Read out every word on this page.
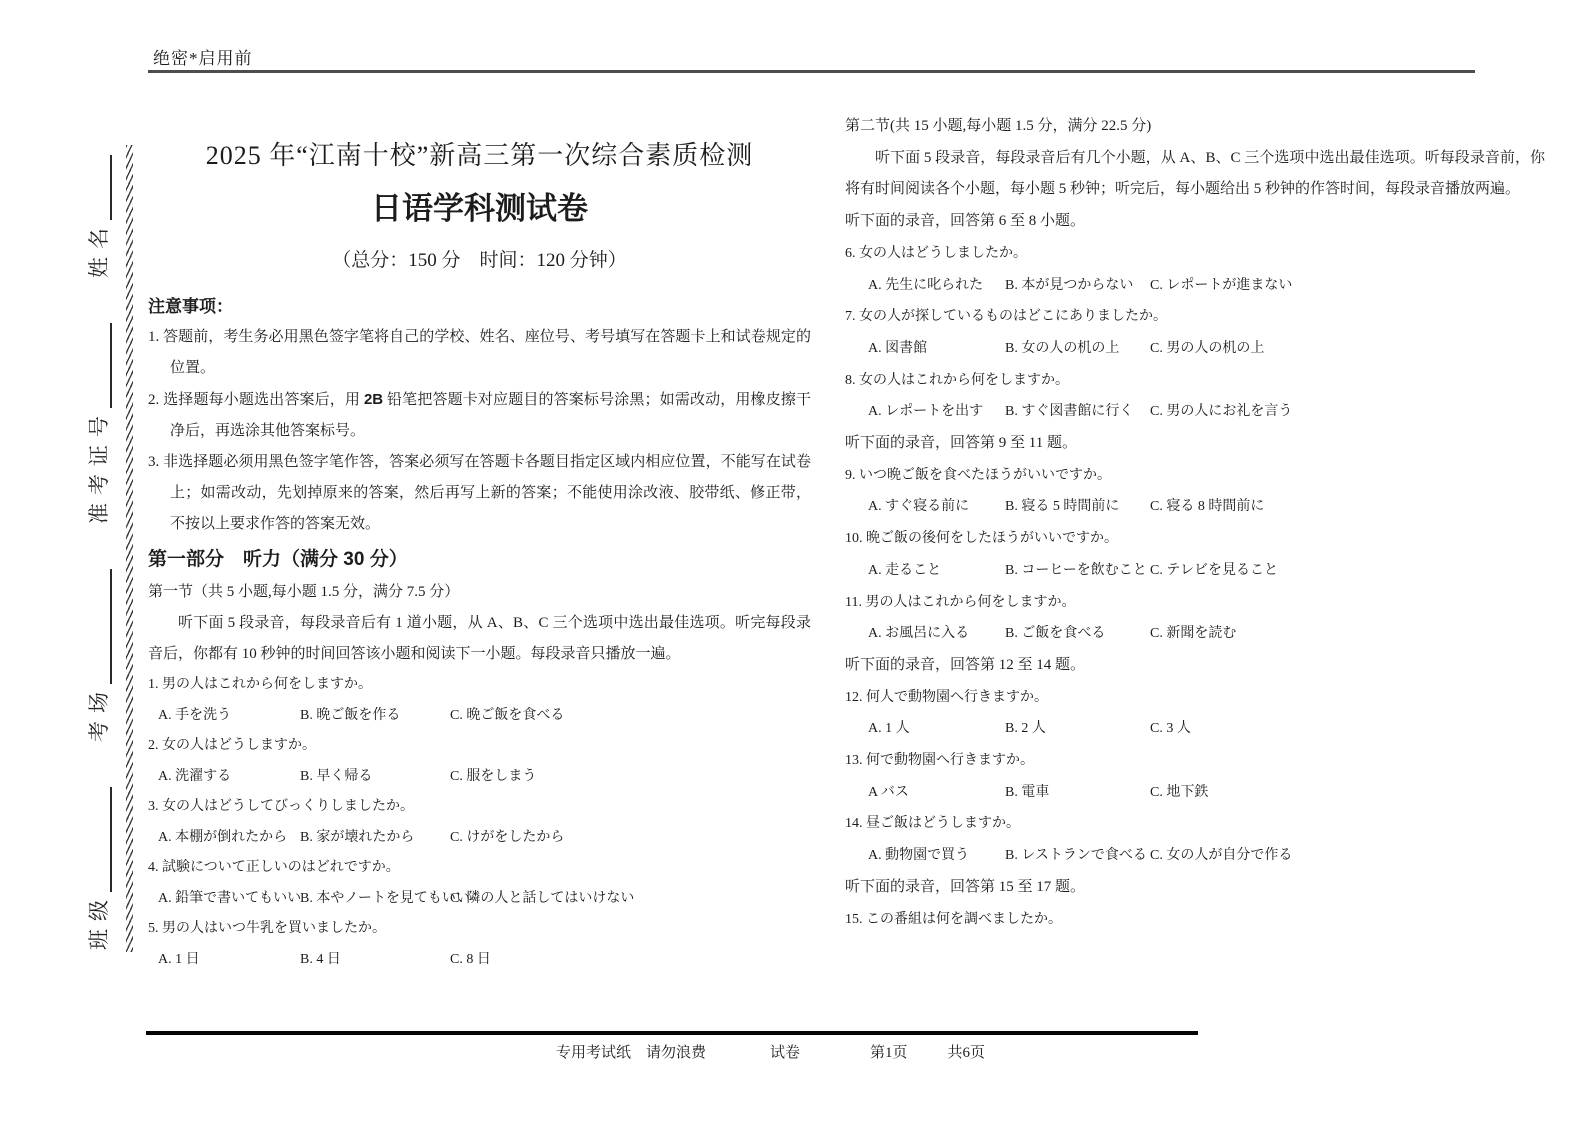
绝密*启用前
班级
考场
准考证号
姓名
2025 年“江南十校”新高三第一次综合素质检测
日语学科测试卷
（总分：150 分　时间：120 分钟）
注意事项：
1. 答题前，考生务必用黑色签字笔将自己的学校、姓名、座位号、考号填写在答题卡上和试卷规定的位置。
2. 选择题每小题选出答案后，用 2B 铅笔把答题卡对应题目的答案标号涂黑；如需改动，用橡皮擦干净后，再选涂其他答案标号。
3. 非选择题必须用黑色签字笔作答，答案必须写在答题卡各题目指定区域内相应位置，不能写在试卷上；如需改动，先划掉原来的答案，然后再写上新的答案；不能使用涂改液、胶带纸、修正带，不按以上要求作答的答案无效。
第一部分　听力（满分 30 分）
第一节（共 5 小题,每小题 1.5 分，满分 7.5 分）
听下面 5 段录音，每段录音后有 1 道小题，从 A、B、C 三个选项中选出最佳选项。听完每段录音后，你都有 10 秒钟的时间回答该小题和阅读下一小题。每段录音只播放一遍。
1. 男の人はこれから何をしますか。
A. 手を洗う	B. 晩ご飯を作る	C. 晩ご飯を食べる
2. 女の人はどうしますか。
A. 洗濯する	B. 早く帰る	C. 服をしまう
3. 女の人はどうしてびっくりしましたか。
A. 本棚が倒れたから B. 家が壊れたから	C. けがをしたから
4. 試験について正しいのはどれですか。
A. 鉛筆で書いてもいい
B. 本やノートを見てもいい
C. 隣の人と話してはいけない
5. 男の人はいつ牛乳を買いましたか。
A. 1 日	B. 4 日	C. 8 日
第二节(共 15 小题,每小题 1.5 分，满分 22.5 分)
听下面 5 段录音，每段录音后有几个小题，从 A、B、C 三个选项中选出最佳选项。听每段录音前，你将有时间阅读各个小题，每小题 5 秒钟；听完后，每小题给出 5 秒钟的作答时间，每段录音播放两遍。
听下面的录音，回答第 6 至 8 小题。
6. 女の人はどうしましたか。
A. 先生に叱られた	B. 本が見つからない	C. レポートが進まない
7. 女の人が探しているものはどこにありましたか。
A. 図書館	B. 女の人の机の上	C. 男の人の机の上
8. 女の人はこれから何をしますか。
A. レポートを出す	B. すぐ図書館に行く	C. 男の人にお礼を言う
听下面的录音，回答第 9 至 11 题。
9. いつ晩ご飯を食べたほうがいいですか。
A. すぐ寝る前に	B. 寝る 5 時間前に	C. 寝る 8 時間前に
10. 晩ご飯の後何をしたほうがいいですか。
A. 走ること	B. コーヒーを飲むこと C. テレビを見ること
11. 男の人はこれから何をしますか。
A. お風呂に入る	B. ご飯を食べる	C. 新聞を読む
听下面的录音，回答第 12 至 14 题。
12. 何人で動物園へ行きますか。
A. 1 人	B. 2 人	C. 3 人
13. 何で動物園へ行きますか。
A バス	B. 電車	C. 地下鉄
14. 昼ご飯はどうしますか。
A. 動物園で買う	B. レストランで食べる C. 女の人が自分で作る
听下面的录音，回答第 15 至 17 题。
15. この番組は何を調べましたか。
专用考试纸　请勿浪费	试卷	第1页	共6页
